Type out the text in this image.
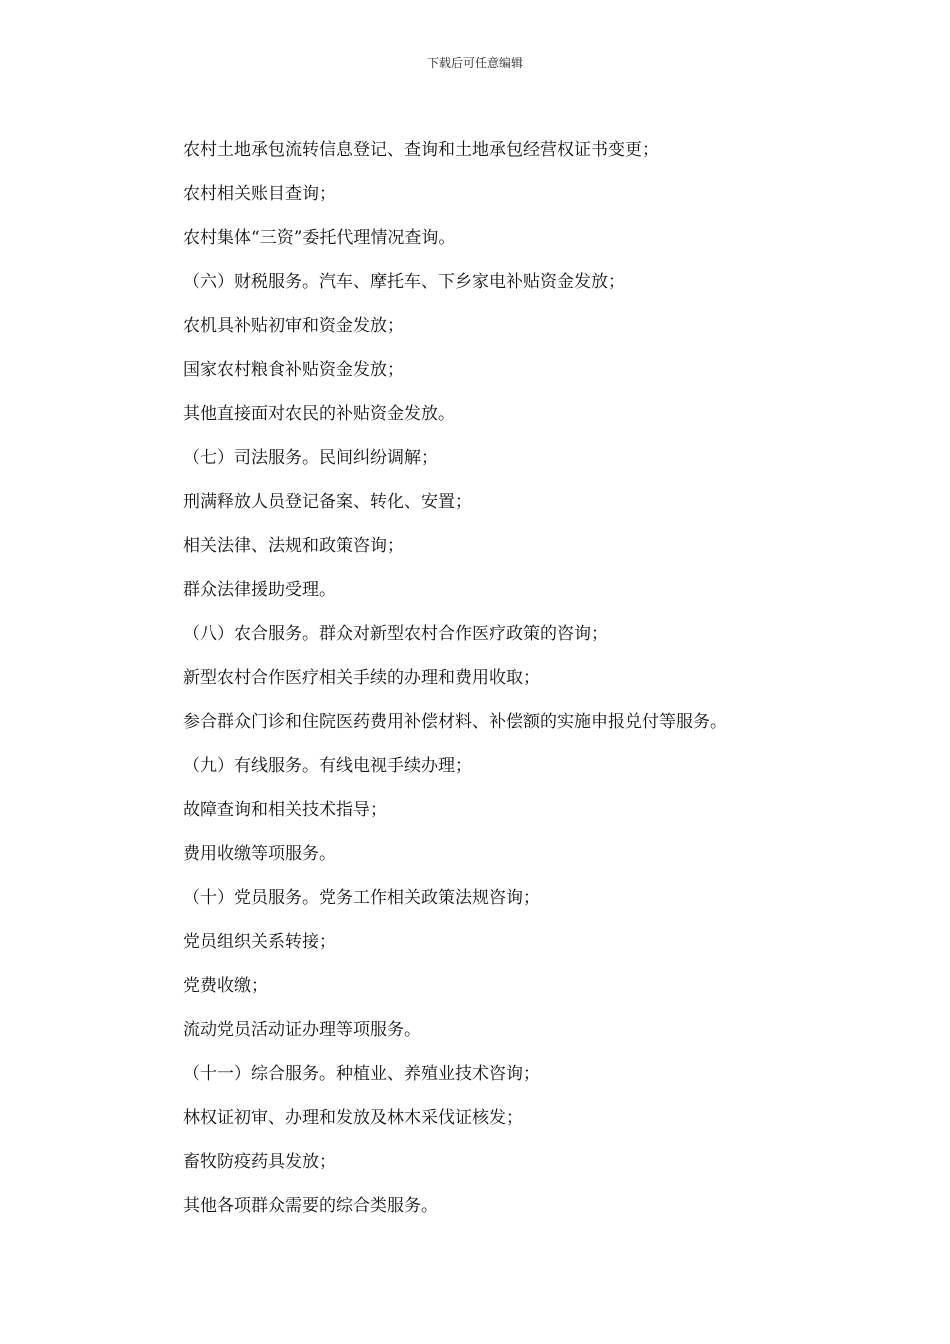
下载后可任意编辑
农村土地承包流转信息登记、查询和土地承包经营权证书变更；
农村相关账目查询；
农村集体“三资”委托代理情况查询。
（六）财税服务。汽车、摩托车、下乡家电补贴资金发放；
农机具补贴初审和资金发放；
国家农村粮食补贴资金发放；
其他直接面对农民的补贴资金发放。
（七）司法服务。民间纠纷调解；
刑满释放人员登记备案、转化、安置；
相关法律、法规和政策咨询；
群众法律援助受理。
（八）农合服务。群众对新型农村合作医疗政策的咨询；
新型农村合作医疗相关手续的办理和费用收取；
参合群众门诊和住院医药费用补偿材料、补偿额的实施申报兑付等服务。
（九）有线服务。有线电视手续办理；
故障查询和相关技术指导；
费用收缴等项服务。
（十）党员服务。党务工作相关政策法规咨询；
党员组织关系转接；
党费收缴；
流动党员活动证办理等项服务。
（十一）综合服务。种植业、养殖业技术咨询；
林权证初审、办理和发放及林木采伐证核发；
畜牧防疫药具发放；
其他各项群众需要的综合类服务。
